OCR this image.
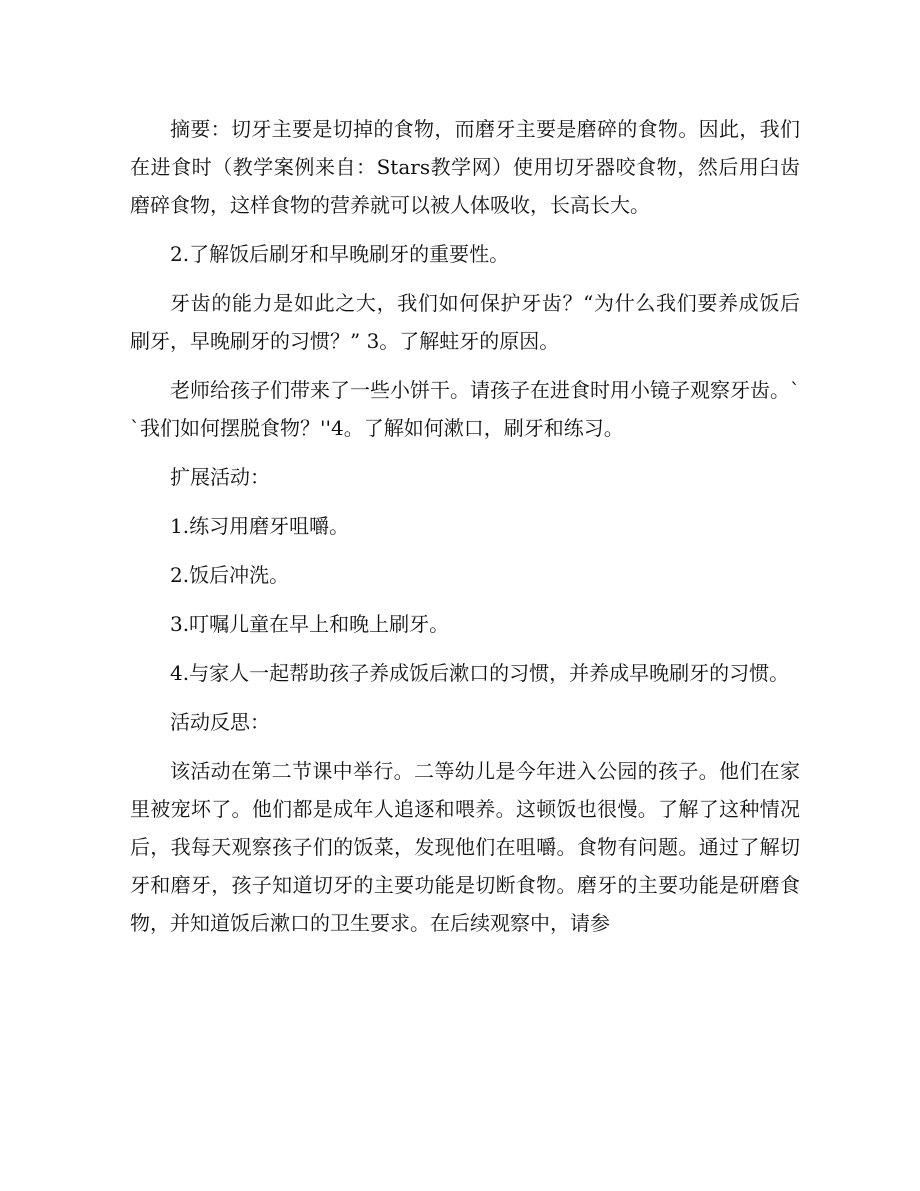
摘要：切牙主要是切掉的食物，而磨牙主要是磨碎的食物。因此，我们在进食时（教学案例来自：Stars教学网）使用切牙器咬食物，然后用臼齿磨碎食物，这样食物的营养就可以被人体吸收，长高长大。

2.了解饭后刷牙和早晚刷牙的重要性。

牙齿的能力是如此之大，我们如何保护牙齿？“为什么我们要养成饭后刷牙，早晚刷牙的习惯？” 3。了解蛀牙的原因。

老师给孩子们带来了一些小饼干。请孩子在进食时用小镜子观察牙齿。``我们如何摆脱食物？''4。了解如何漱口，刷牙和练习。

扩展活动：

1.练习用磨牙咀嚼。

2.饭后冲洗。

3.叮嘱儿童在早上和晚上刷牙。

4.与家人一起帮助孩子养成饭后漱口的习惯，并养成早晚刷牙的习惯。

活动反思：

该活动在第二节课中举行。二等幼儿是今年进入公园的孩子。他们在家里被宠坏了。他们都是成年人追逐和喂养。这顿饭也很慢。了解了这种情况后，我每天观察孩子们的饭菜，发现他们在咀嚼。食物有问题。通过了解切牙和磨牙，孩子知道切牙的主要功能是切断食物。磨牙的主要功能是研磨食物，并知道饭后漱口的卫生要求。在后续观察中，请参
